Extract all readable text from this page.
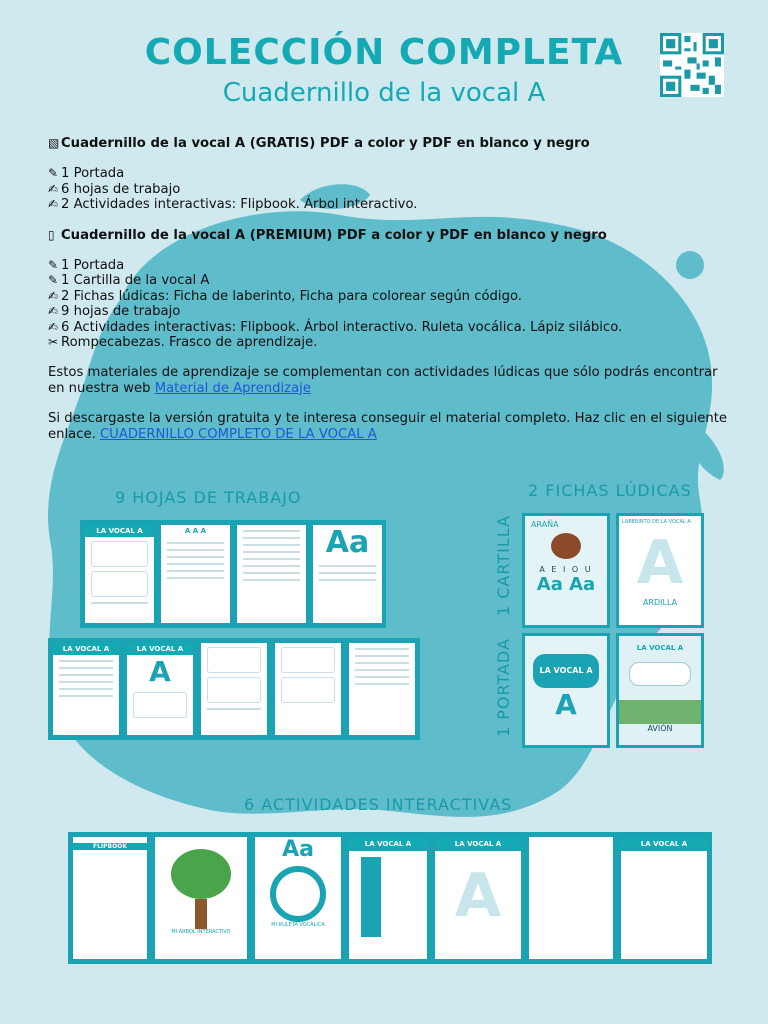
COLECCIÓN COMPLETA
Cuadernillo de la vocal A

▧ Cuadernillo de la vocal A (GRATIS) PDF a color y PDF en blanco y negro

✎ 1 Portada

✍ 6 hojas de trabajo

✍ 2 Actividades interactivas: Flipbook. Árbol interactivo.

▯ Cuadernillo de la vocal A (PREMIUM) PDF a color y PDF en blanco y negro

✎ 1 Portada

✎ 1 Cartilla de la vocal A

✍ 2 Fichas lúdicas: Ficha de laberinto, Ficha para colorear según código.

✍ 9 hojas de trabajo

✍ 6 Actividades interactivas: Flipbook. Árbol interactivo. Ruleta vocálica. Lápiz silábico.

✂ Rompecabezas. Frasco de aprendizaje.

Estos materiales de aprendizaje se complementan con actividades lúdicas que sólo podrás encontrar en nuestra web Material de Aprendizaje

Si descargaste la versión gratuita y te interesa conseguir el material completo. Haz clic en el siguiente enlace. CUADERNILLO COMPLETO DE LA VOCAL A

9 HOJAS DE TRABAJO	2 FICHAS LÚDICAS
1 CARTILLA
1 PORTADA
6 ACTIVIDADES INTERACTIVAS
LA VOCAL A	A A A	Aa
LA VOCAL A	LA VOCAL A
A
ARAÑA
A E I O U
Aa Aa
LABERINTO DE LA VOCAL A
A
ARDILLA
LA VOCAL A
A
LA VOCAL A
AVIÓN
FLIPBOOK
MI ÁRBOL INTERACTIVO
Aa
MI RULETA VOCÁLICA
LA VOCAL A	LA VOCAL A
A
LA VOCAL A
